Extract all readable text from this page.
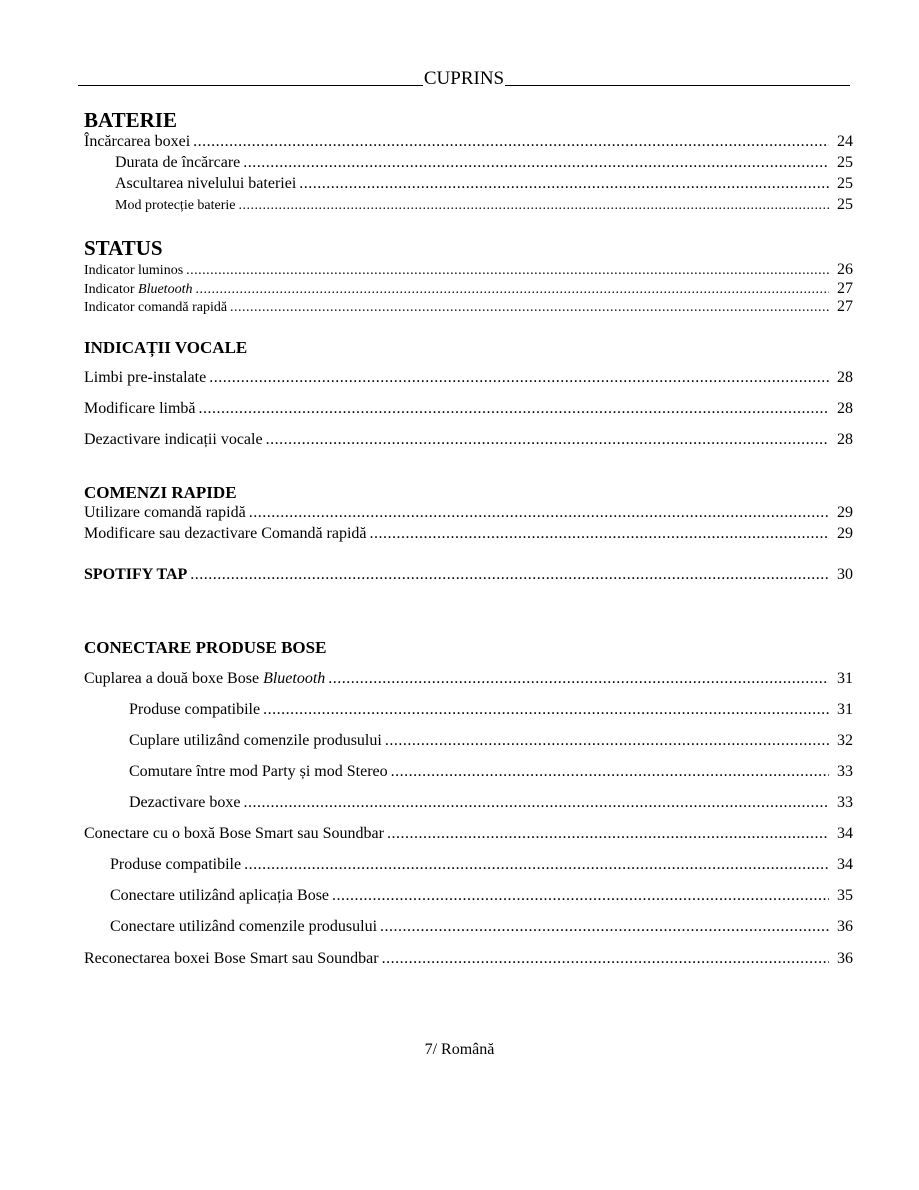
CUPRINS
BATERIE
Încărcarea boxei .....	24
Durata de încărcare .....	25
Ascultarea nivelului bateriei .....	25
Mod protecție baterie .....	25
STATUS
Indicator luminos .....	26
Indicator Bluetooth .....	27
Indicator comandă rapidă .....	27
INDICAȚII VOCALE
Limbi pre-instalate .....	28
Modificare limbă .....	28
Dezactivare indicații vocale .....	28
COMENZI RAPIDE
Utilizare comandă rapidă .....	29
Modificare sau dezactivare Comandă rapidă .....	29
SPOTIFY TAP .....	30
CONECTARE PRODUSE BOSE
Cuplarea a două boxe Bose Bluetooth .....	31
Produse compatibile .....	31
Cuplare utilizând comenzile produsului .....	32
Comutare între mod Party și mod Stereo .....	33
Dezactivare boxe .....	33
Conectare cu o boxă Bose Smart sau Soundbar .....	34
Produse compatibile .....	34
Conectare utilizând aplicația Bose .....	35
Conectare utilizând comenzile produsului .....	36
Reconectarea boxei Bose Smart sau Soundbar .....	36
7/ Română
